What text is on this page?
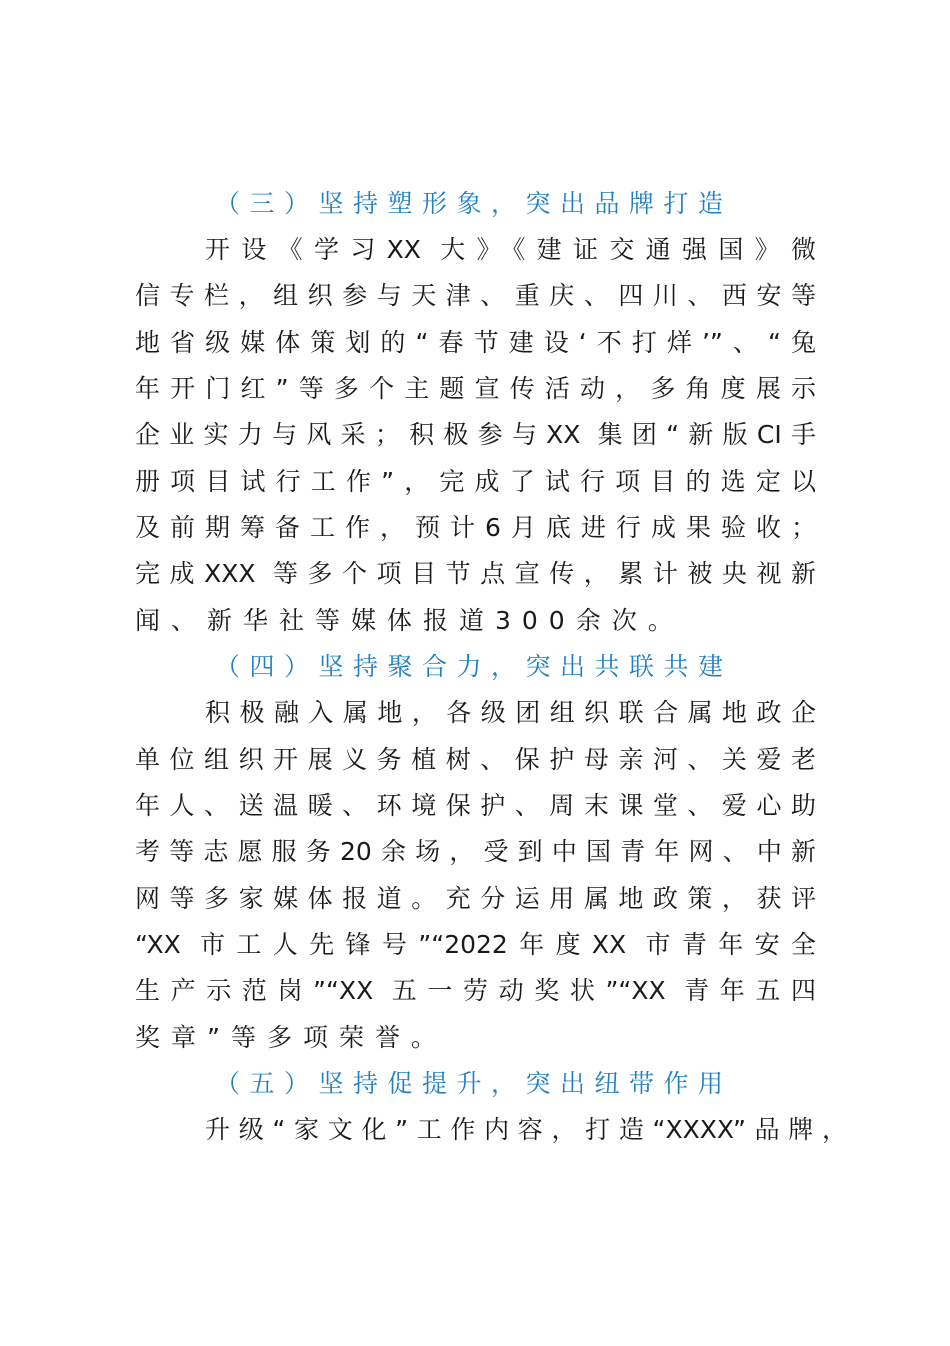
（三）坚持塑形象，突出品牌打造
开设《学习XX 大》《建证交通强国》微
信专栏，组织参与天津、重庆、四川、西安等
地省级媒体策划的“春节建设‘不打烊’”、“兔
年开门红”等多个主题宣传活动，多角度展示
企业实力与风采；积极参与XX 集团“新版CI手
册项目试行工作”，完成了试行项目的选定以
及前期筹备工作，预计6月底进行成果验收；
完成XXX 等多个项目节点宣传，累计被央视新
闻、新华社等媒体报道300余次。
（四）坚持聚合力，突出共联共建
积极融入属地，各级团组织联合属地政企
单位组织开展义务植树、保护母亲河、关爱老
年人、送温暖、环境保护、周末课堂、爱心助
考等志愿服务20余场，受到中国青年网、中新
网等多家媒体报道。充分运用属地政策，获评
“XX 市工人先锋号”“2022年度XX 市青年安全
生产示范岗”“XX 五一劳动奖状”“XX 青年五四
奖章”等多项荣誉。
（五）坚持促提升，突出纽带作用
升级“家文化”工作内容，打造“XXXX”品牌，
